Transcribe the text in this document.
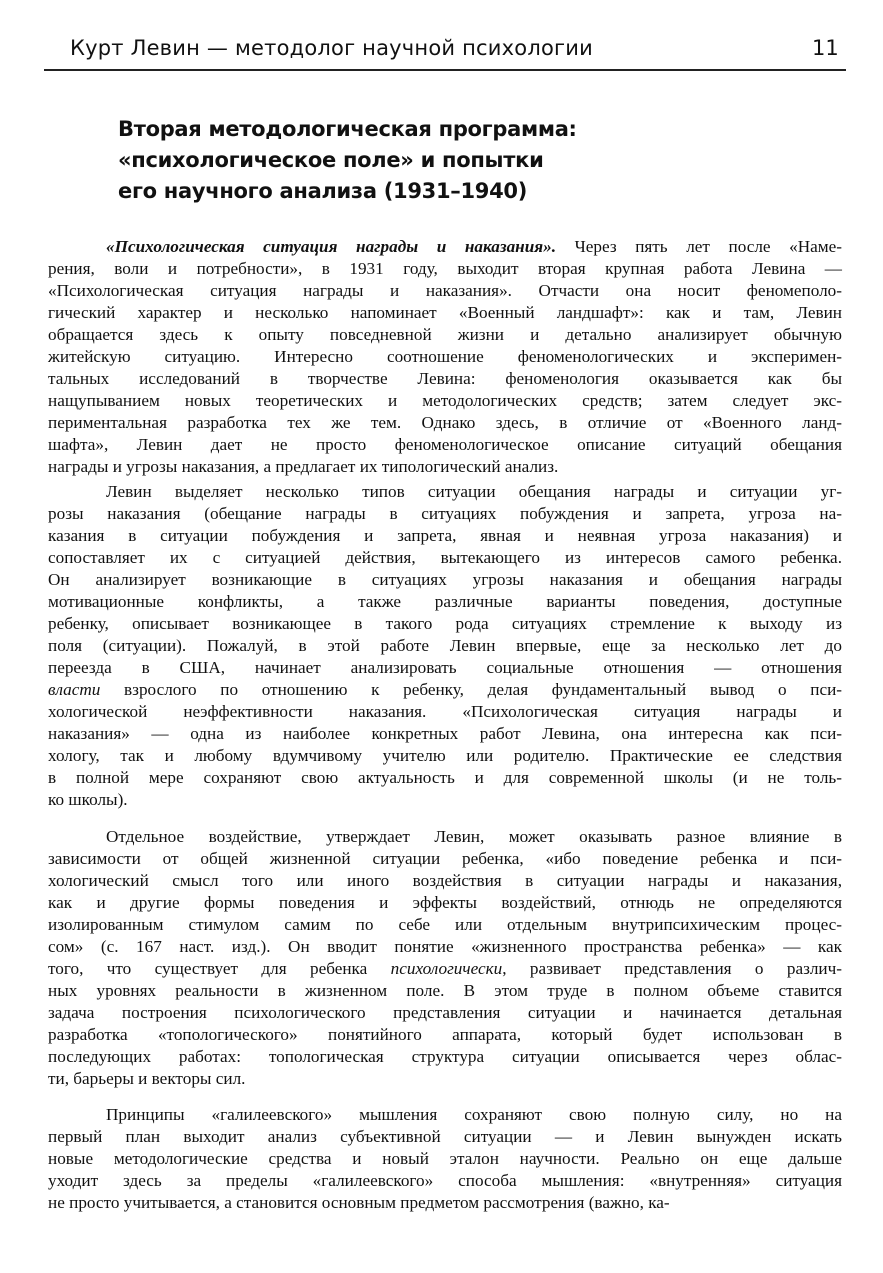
Курт Левин — методолог научной психологии	11
Вторая методологическая программа:
«психологическое поле» и попытки
его научного анализа (1931–1940)
«Психологическая ситуация награды и наказания». Через пять лет после «Наме-
рения, воли и потребности», в 1931 году, выходит вторая крупная работа Левина —
«Психологическая ситуация награды и наказания». Отчасти она носит феномеполо-
гический характер и несколько напоминает «Военный ландшафт»: как и там, Левин
обращается здесь к опыту повседневной жизни и детально анализирует обычную
житейскую ситуацию. Интересно соотношение феноменологических и эксперимен-
тальных исследований в творчестве Левина: феноменология оказывается как бы
нащупыванием новых теоретических и методологических средств; затем следует экс-
периментальная разработка тех же тем. Однако здесь, в отличие от «Военного ланд-
шафта», Левин дает не просто феноменологическое описание ситуаций обещания
награды и угрозы наказания, а предлагает их типологический анализ.
Левин выделяет несколько типов ситуации обещания награды и ситуации уг-
розы наказания (обещание награды в ситуациях побуждения и запрета, угроза на-
казания в ситуации побуждения и запрета, явная и неявная угроза наказания) и
сопоставляет их с ситуацией действия, вытекающего из интересов самого ребенка.
Он анализирует возникающие в ситуациях угрозы наказания и обещания награды
мотивационные конфликты, а также различные варианты поведения, доступные
ребенку, описывает возникающее в такого рода ситуациях стремление к выходу из
поля (ситуации). Пожалуй, в этой работе Левин впервые, еще за несколько лет до
переезда в США, начинает анализировать социальные отношения — отношения
власти взрослого по отношению к ребенку, делая фундаментальный вывод о пси-
хологической неэффективности наказания. «Психологическая ситуация награды и
наказания» — одна из наиболее конкретных работ Левина, она интересна как пси-
хологу, так и любому вдумчивому учителю или родителю. Практические ее следствия
в полной мере сохраняют свою актуальность и для современной школы (и не толь-
ко школы).
Отдельное воздействие, утверждает Левин, может оказывать разное влияние в
зависимости от общей жизненной ситуации ребенка, «ибо поведение ребенка и пси-
хологический смысл того или иного воздействия в ситуации награды и наказания,
как и другие формы поведения и эффекты воздействий, отнюдь не определяются
изолированным стимулом самим по себе или отдельным внутрипсихическим процес-
сом» (с. 167 наст. изд.). Он вводит понятие «жизненного пространства ребенка» — как
того, что существует для ребенка психологически, развивает представления о различ-
ных уровнях реальности в жизненном поле. В этом труде в полном объеме ставится
задача построения психологического представления ситуации и начинается детальная
разработка «топологического» понятийного аппарата, который будет использован в
последующих работах: топологическая структура ситуации описывается через облас-
ти, барьеры и векторы сил.
Принципы «галилеевского» мышления сохраняют свою полную силу, но на
первый план выходит анализ субъективной ситуации — и Левин вынужден искать
новые методологические средства и новый эталон научности. Реально он еще дальше
уходит здесь за пределы «галилеевского» способа мышления: «внутренняя» ситуация
не просто учитывается, а становится основным предметом рассмотрения (важно, ка-
